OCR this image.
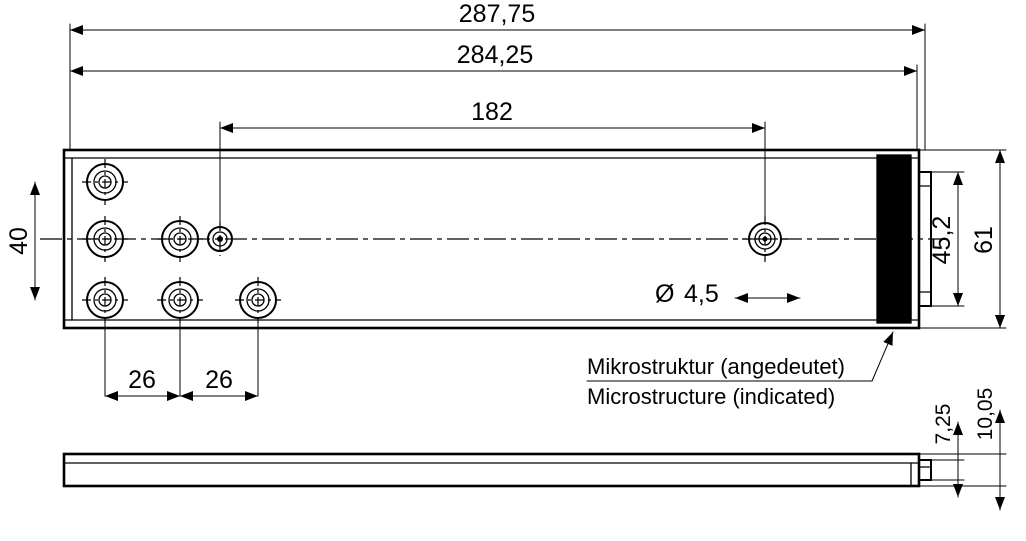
287,75
284,25
182
40	45,2 61
26 26
Ø 4,5
Mikrostruktur (angedeutet)
Microstructure (indicated)
7,25 10,05
